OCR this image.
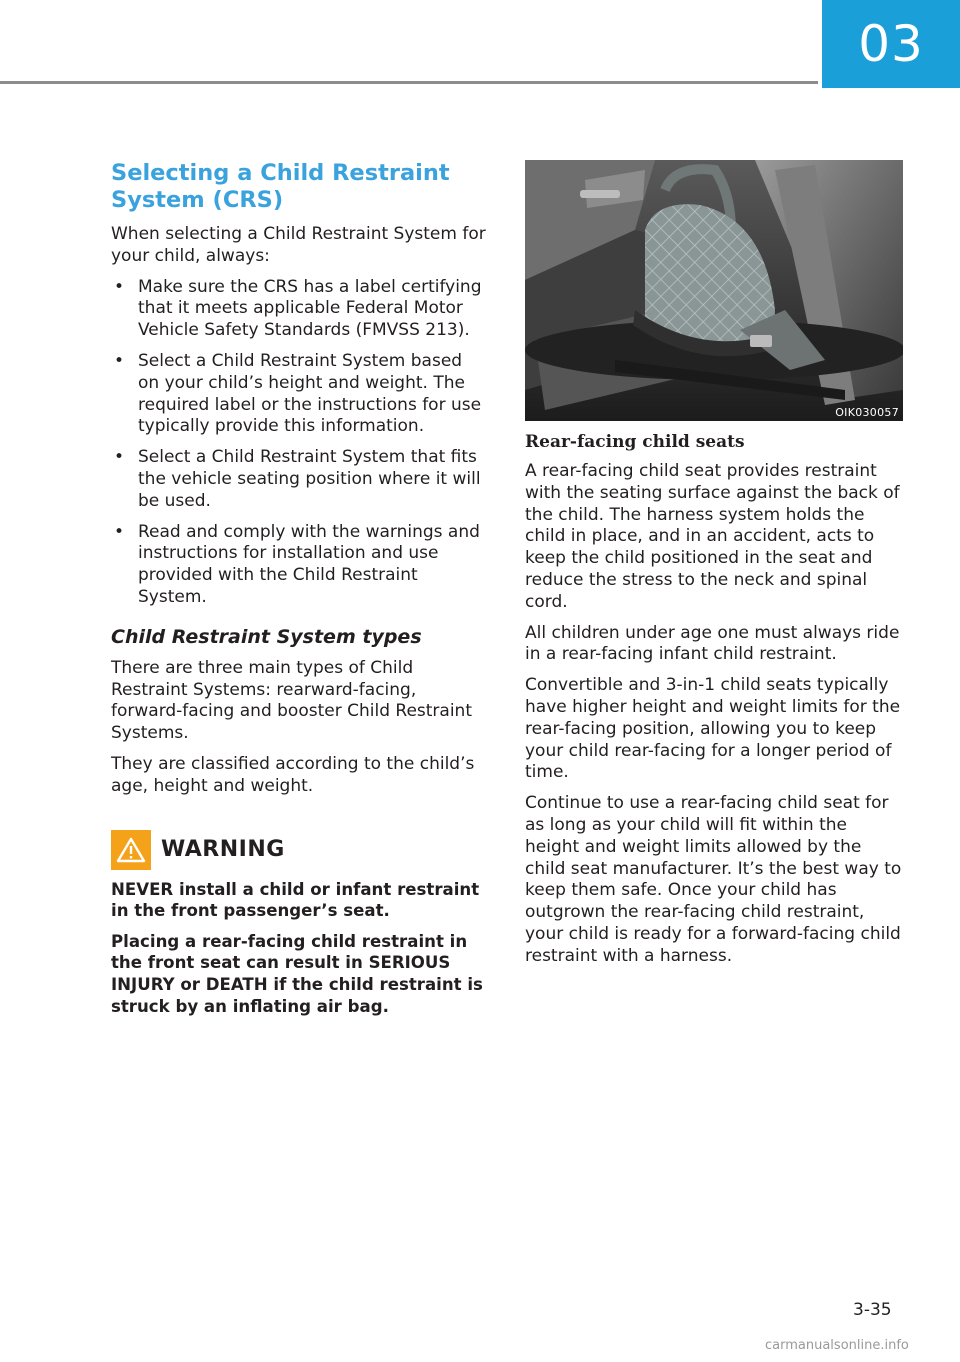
03
Selecting a Child Restraint System (CRS)

When selecting a Child Restraint System for your child, always:

• Make sure the CRS has a label certifying that it meets applicable Federal Motor Vehicle Safety Standards (FMVSS 213).
• Select a Child Restraint System based on your child’s height and weight. The required label or the instructions for use typically provide this information.
• Select a Child Restraint System that fits the vehicle seating position where it will be used.
• Read and comply with the warnings and instructions for installation and use provided with the Child Restraint System.
Child Restraint System types

There are three main types of Child Restraint Systems: rearward-facing, forward-facing and booster Child Restraint Systems.

They are classified according to the child’s age, height and weight.

WARNING

NEVER install a child or infant restraint in the front passenger’s seat.

Placing a rear-facing child restraint in the front seat can result in SERIOUS INJURY or DEATH if the child restraint is struck by an inflating air bag.

OIK030057
Rear-facing child seats

A rear-facing child seat provides restraint with the seating surface against the back of the child. The harness system holds the child in place, and in an accident, acts to keep the child positioned in the seat and reduce the stress to the neck and spinal cord.

All children under age one must always ride in a rear-facing infant child restraint.

Convertible and 3-in-1 child seats typically have higher height and weight limits for the rear-facing position, allowing you to keep your child rear-facing for a longer period of time.

Continue to use a rear-facing child seat for as long as your child will fit within the height and weight limits allowed by the child seat manufacturer. It’s the best way to keep them safe. Once your child has outgrown the rear-facing child restraint, your child is ready for a forward-facing child restraint with a harness.

3-35
carmanualsonline.info
